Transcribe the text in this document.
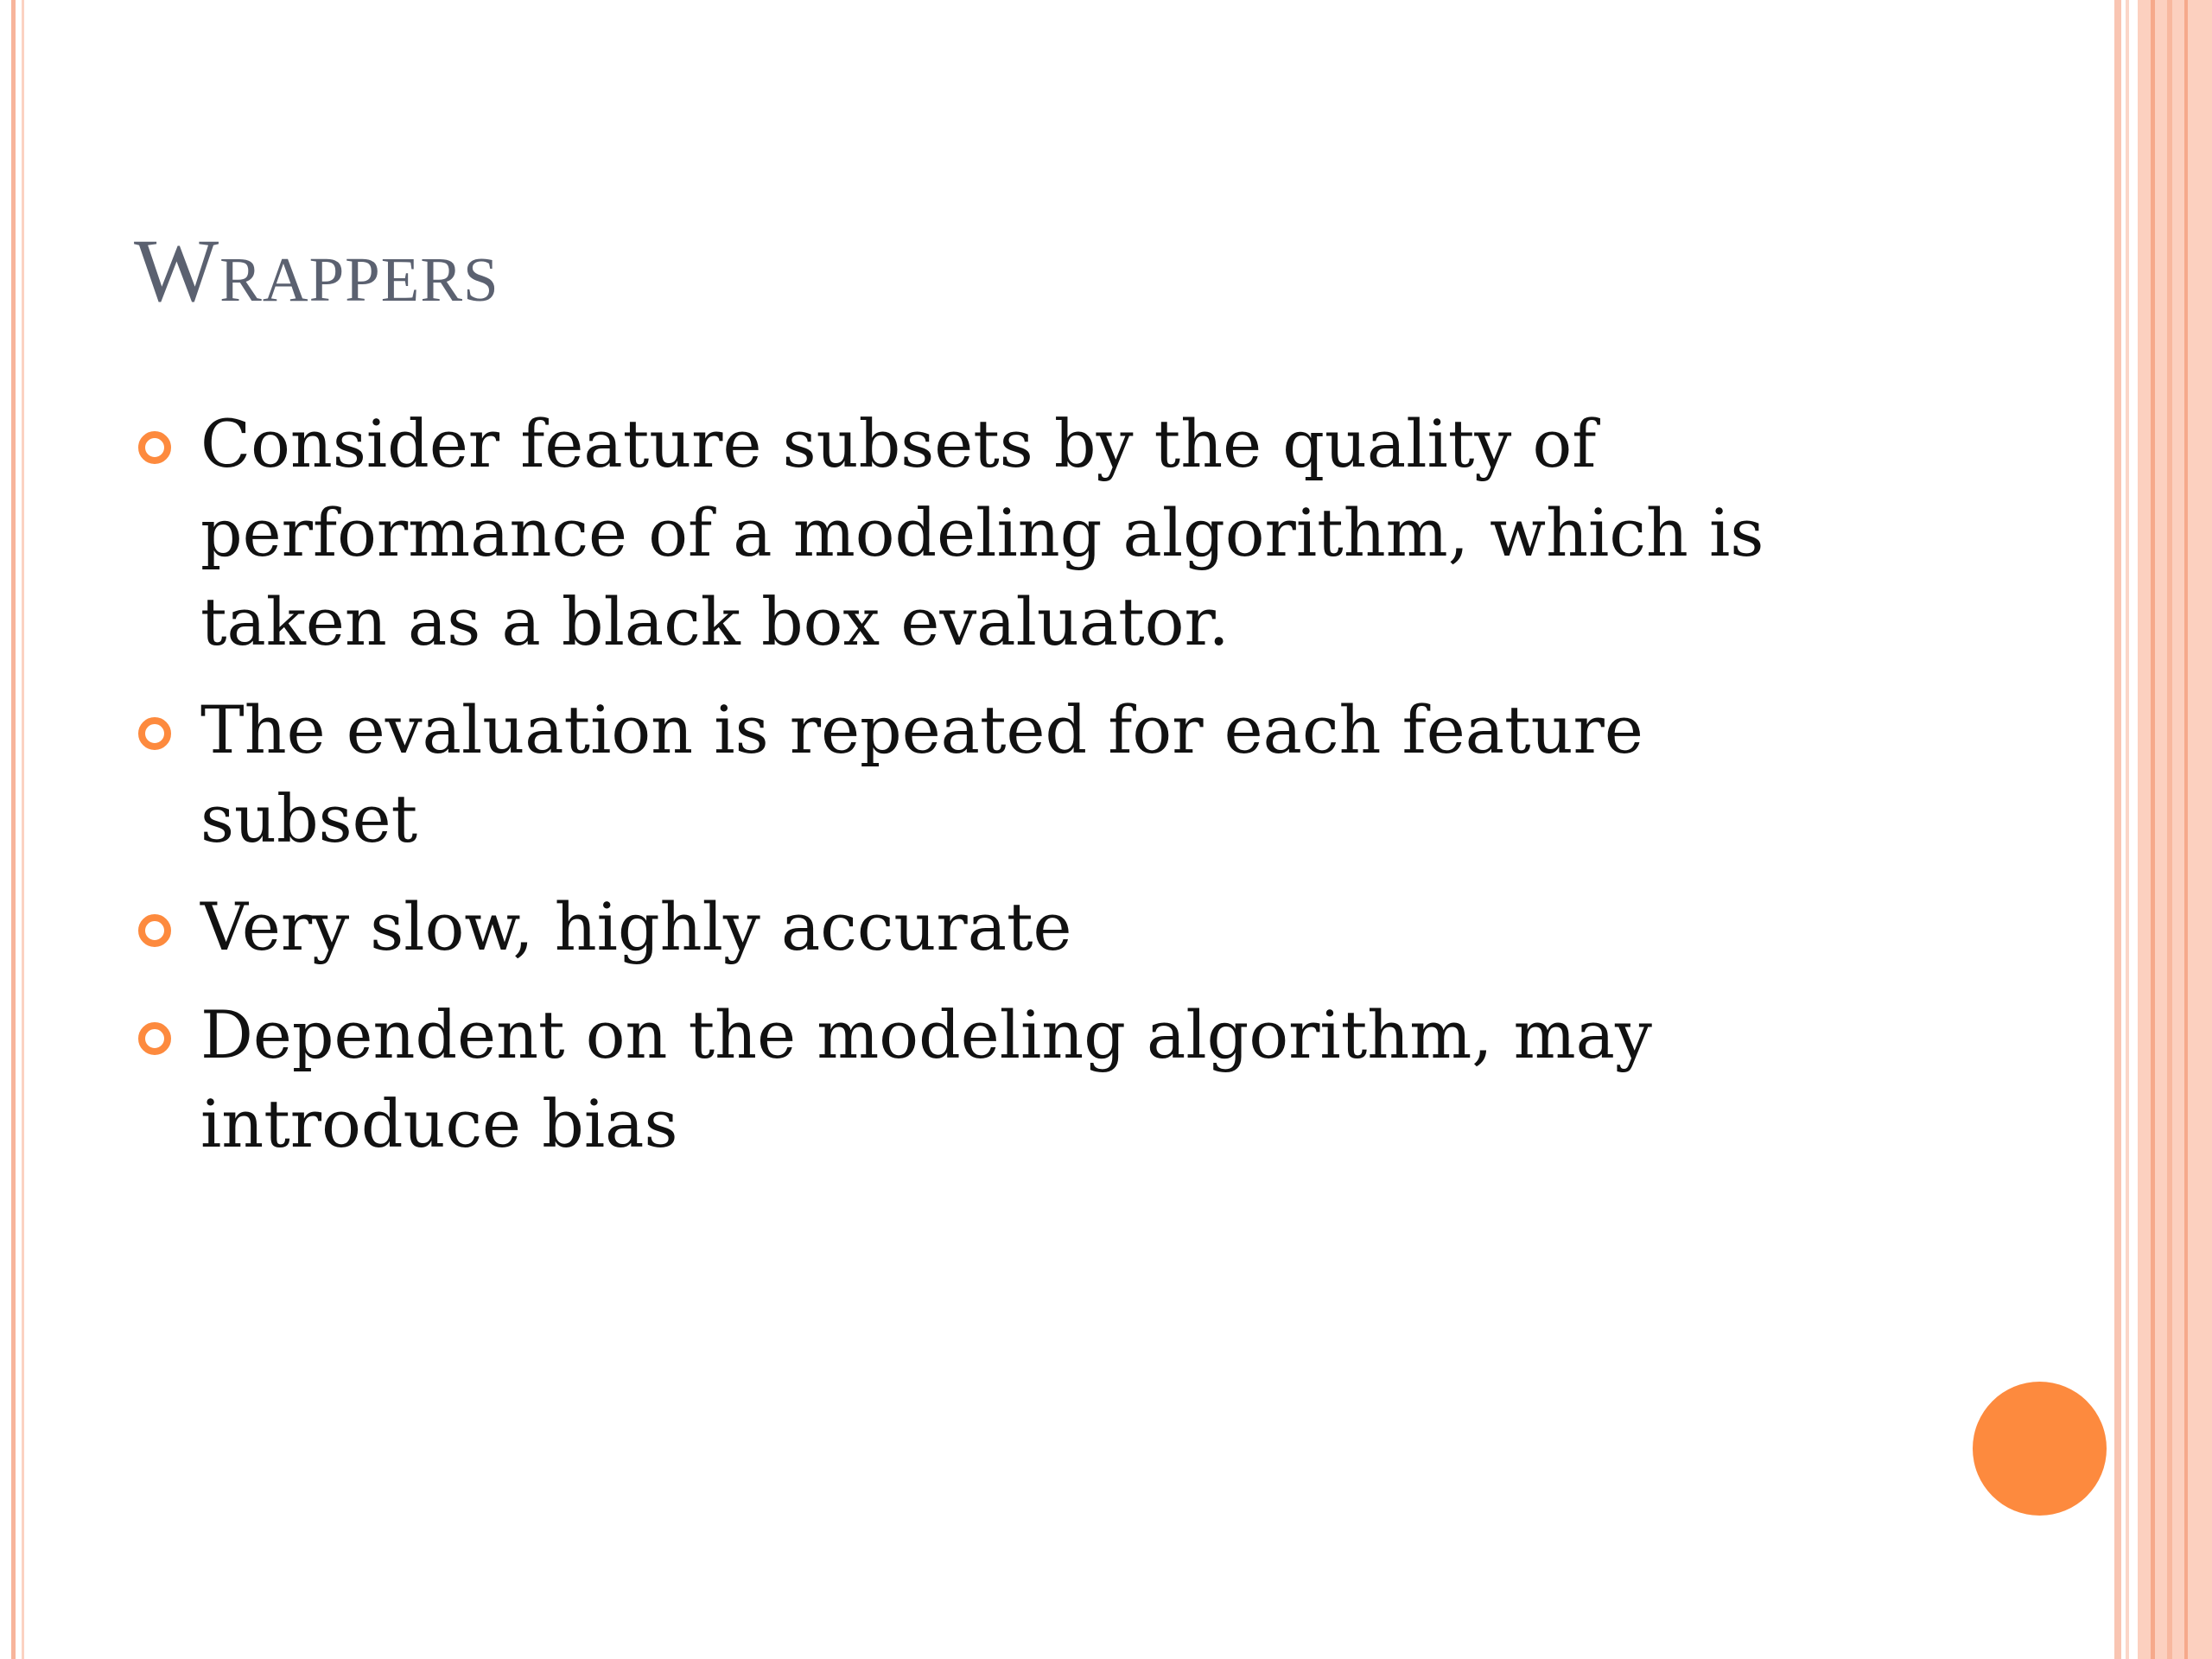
Wrappers
Consider feature subsets by the quality of
performance of a modeling algorithm, which is
taken as a black box evaluator.
The evaluation is repeated for each feature
subset
Very slow, highly accurate
Dependent on the modeling algorithm, may
introduce bias
